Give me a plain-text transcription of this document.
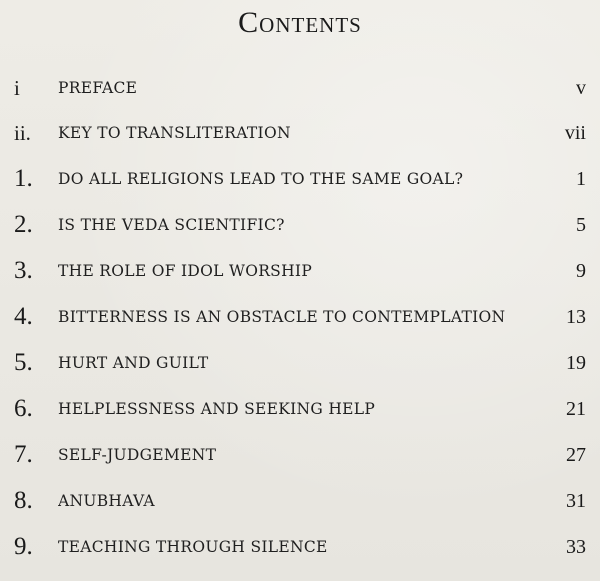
Contents
i	PREFACE	v
ii.	KEY TO TRANSLITERATION	vii
1.	DO ALL RELIGIONS LEAD TO THE SAME GOAL?	1
2.	IS THE VEDA SCIENTIFIC?	5
3.	THE ROLE OF IDOL WORSHIP	9
4.	BITTERNESS IS AN OBSTACLE TO CONTEMPLATION	13
5.	HURT AND GUILT	19
6.	HELPLESSNESS AND SEEKING HELP	21
7.	SELF-JUDGEMENT	27
8.	ANUBHAVA	31
9.	TEACHING THROUGH SILENCE	33
